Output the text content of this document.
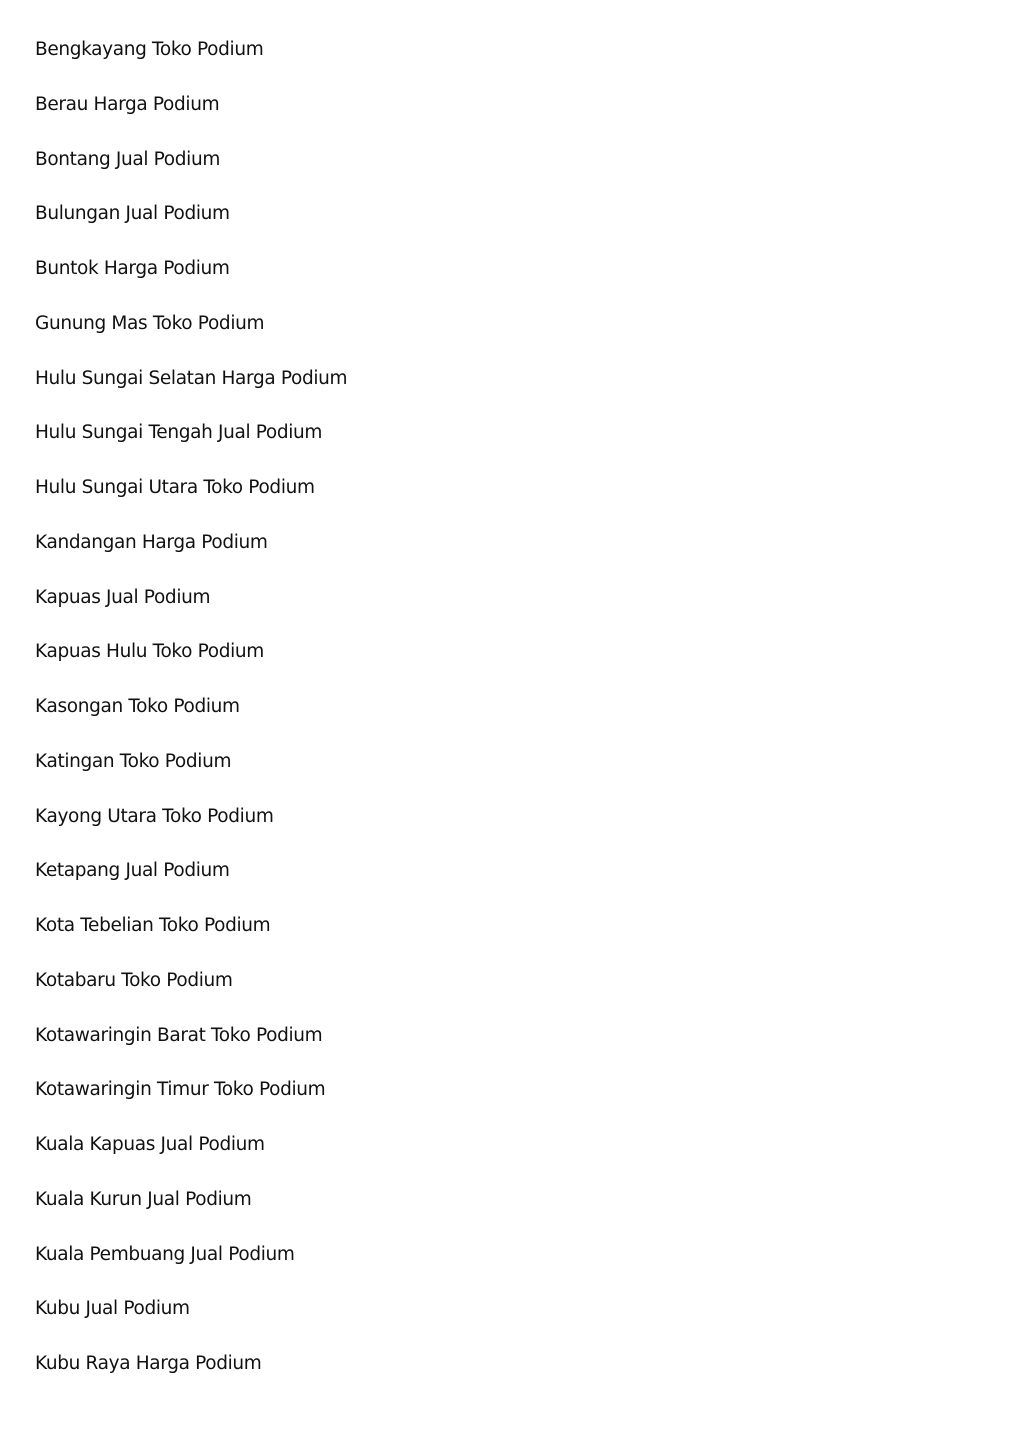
Bengkayang Toko Podium
Berau Harga Podium
Bontang Jual Podium
Bulungan Jual Podium
Buntok Harga Podium
Gunung Mas Toko Podium
Hulu Sungai Selatan Harga Podium
Hulu Sungai Tengah Jual Podium
Hulu Sungai Utara Toko Podium
Kandangan Harga Podium
Kapuas Jual Podium
Kapuas Hulu Toko Podium
Kasongan Toko Podium
Katingan Toko Podium
Kayong Utara Toko Podium
Ketapang Jual Podium
Kota Tebelian Toko Podium
Kotabaru Toko Podium
Kotawaringin Barat Toko Podium
Kotawaringin Timur Toko Podium
Kuala Kapuas Jual Podium
Kuala Kurun Jual Podium
Kuala Pembuang Jual Podium
Kubu Jual Podium
Kubu Raya Harga Podium
